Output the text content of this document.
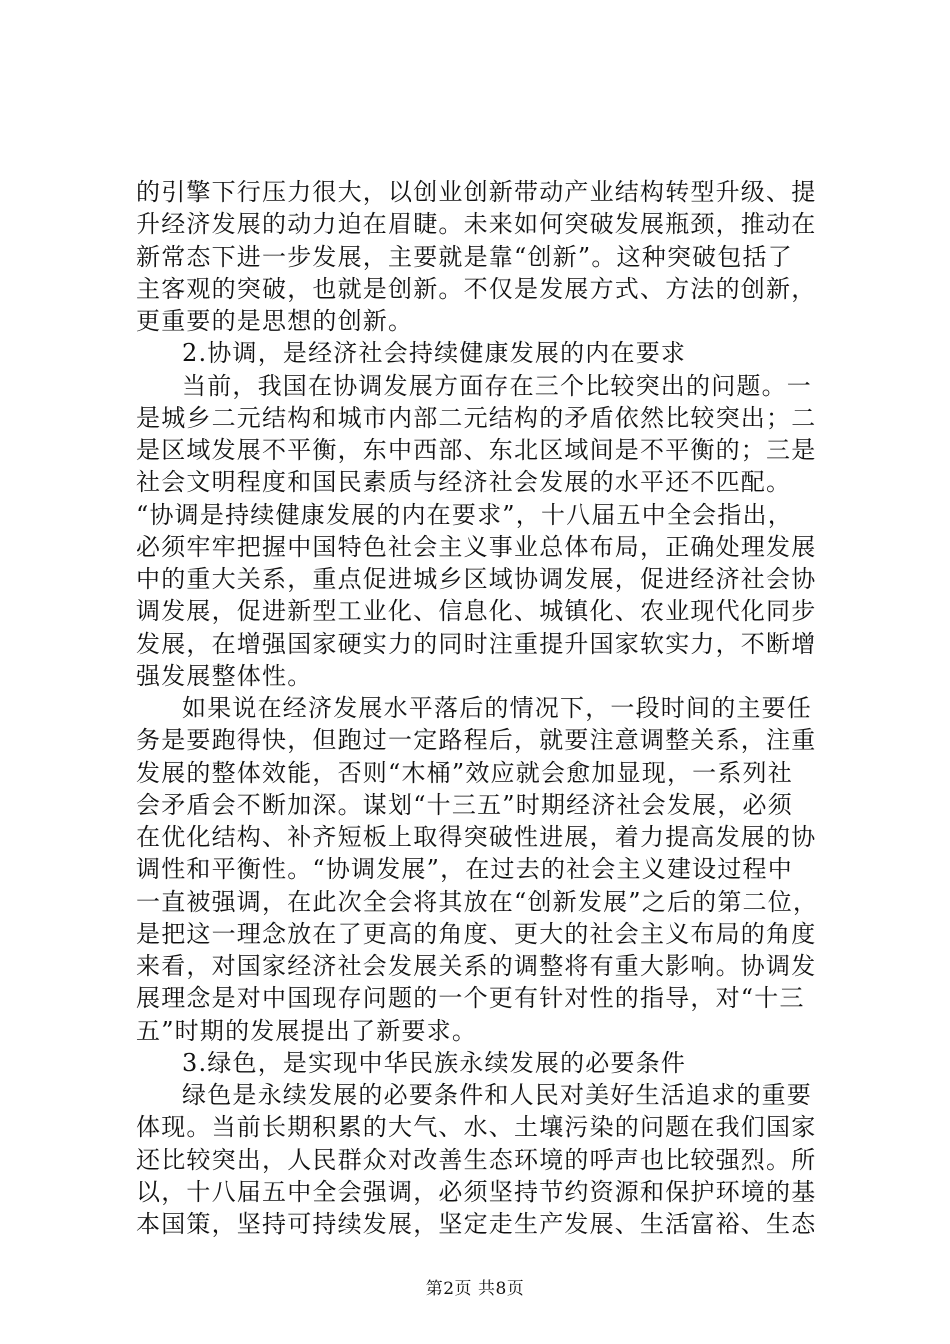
的引擎下行压力很大，以创业创新带动产业结构转型升级、提
升经济发展的动力迫在眉睫。未来如何突破发展瓶颈，推动在
新常态下进一步发展，主要就是靠“创新”。这种突破包括了
主客观的突破，也就是创新。不仅是发展方式、方法的创新，
更重要的是思想的创新。
2.协调，是经济社会持续健康发展的内在要求
当前，我国在协调发展方面存在三个比较突出的问题。一
是城乡二元结构和城市内部二元结构的矛盾依然比较突出；二
是区域发展不平衡，东中西部、东北区域间是不平衡的；三是
社会文明程度和国民素质与经济社会发展的水平还不匹配。
“协调是持续健康发展的内在要求”，十八届五中全会指出，
必须牢牢把握中国特色社会主义事业总体布局，正确处理发展
中的重大关系，重点促进城乡区域协调发展，促进经济社会协
调发展，促进新型工业化、信息化、城镇化、农业现代化同步
发展，在增强国家硬实力的同时注重提升国家软实力，不断增
强发展整体性。
如果说在经济发展水平落后的情况下，一段时间的主要任
务是要跑得快，但跑过一定路程后，就要注意调整关系，注重
发展的整体效能，否则“木桶”效应就会愈加显现，一系列社
会矛盾会不断加深。谋划“十三五”时期经济社会发展，必须
在优化结构、补齐短板上取得突破性进展，着力提高发展的协
调性和平衡性。“协调发展”，在过去的社会主义建设过程中
一直被强调，在此次全会将其放在“创新发展”之后的第二位，
是把这一理念放在了更高的角度、更大的社会主义布局的角度
来看，对国家经济社会发展关系的调整将有重大影响。协调发
展理念是对中国现存问题的一个更有针对性的指导，对“十三
五”时期的发展提出了新要求。
3.绿色，是实现中华民族永续发展的必要条件
绿色是永续发展的必要条件和人民对美好生活追求的重要
体现。当前长期积累的大气、水、土壤污染的问题在我们国家
还比较突出，人民群众对改善生态环境的呼声也比较强烈。所
以，十八届五中全会强调，必须坚持节约资源和保护环境的基
本国策，坚持可持续发展，坚定走生产发展、生活富裕、生态
第2页 共8页
